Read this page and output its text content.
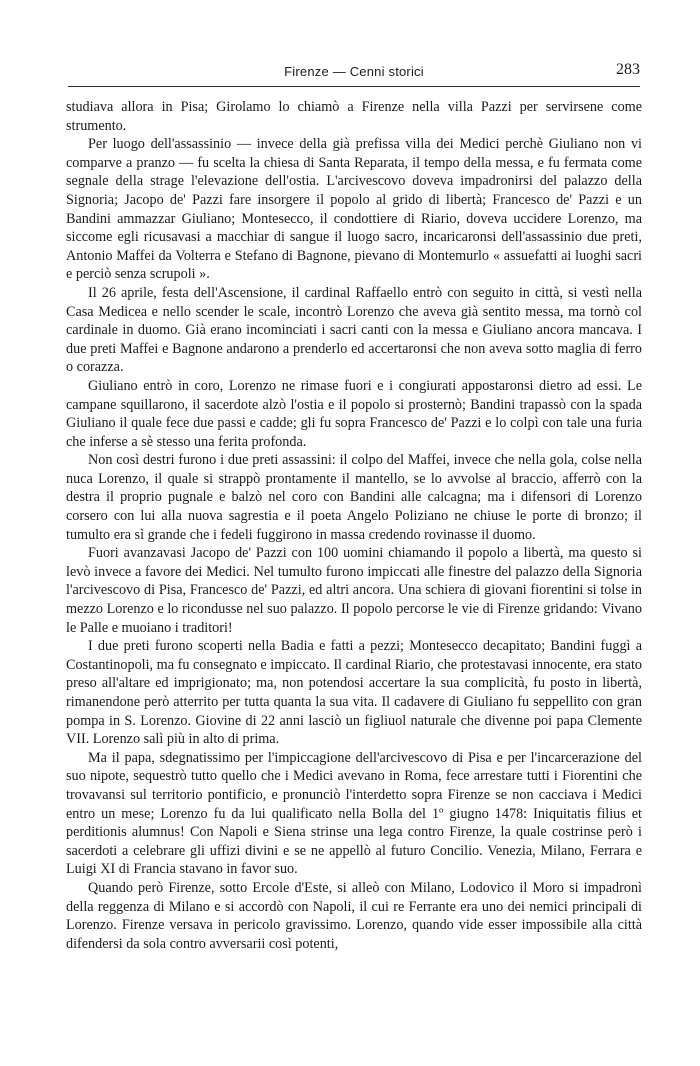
Firenze — Cenni storici	283

studiava allora in Pisa; Girolamo lo chiamò a Firenze nella villa Pazzi per servirsene come strumento.

Per luogo dell'assassinio — invece della già prefissa villa dei Medici perchè Giuliano non vi comparve a pranzo — fu scelta la chiesa di Santa Reparata, il tempo della messa, e fu fermata come segnale della strage l'elevazione dell'ostia. L'arcivescovo doveva impadronirsi del palazzo della Signoria; Jacopo de' Pazzi fare insorgere il popolo al grido di libertà; Francesco de' Pazzi e un Bandini ammazzar Giuliano; Montesecco, il condottiere di Riario, doveva uccidere Lorenzo, ma siccome egli ricusavasi a macchiar di sangue il luogo sacro, incaricaronsi dell'assassinio due preti, Antonio Maffei da Volterra e Stefano di Bagnone, pievano di Montemurlo « assuefatti ai luoghi sacri e perciò senza scrupoli ».

Il 26 aprile, festa dell'Ascensione, il cardinal Raffaello entrò con seguito in città, si vestì nella Casa Medicea e nello scender le scale, incontrò Lorenzo che aveva già sentito messa, ma tornò col cardinale in duomo. Già erano incominciati i sacri canti con la messa e Giuliano ancora mancava. I due preti Maffei e Bagnone andarono a prenderlo ed accertaronsi che non aveva sotto maglia di ferro o corazza.

Giuliano entrò in coro, Lorenzo ne rimase fuori e i congiurati appostaronsi dietro ad essi. Le campane squillarono, il sacerdote alzò l'ostia e il popolo si prosternò; Bandini trapassò con la spada Giuliano il quale fece due passi e cadde; gli fu sopra Francesco de' Pazzi e lo colpì con tale una furia che inferse a sè stesso una ferita profonda.

Non così destri furono i due preti assassini: il colpo del Maffei, invece che nella gola, colse nella nuca Lorenzo, il quale si strappò prontamente il mantello, se lo avvolse al braccio, afferrò con la destra il proprio pugnale e balzò nel coro con Bandini alle calcagna; ma i difensori di Lorenzo corsero con lui alla nuova sagrestia e il poeta Angelo Poliziano ne chiuse le porte di bronzo; il tumulto era sì grande che i fedeli fuggirono in massa credendo rovinasse il duomo.

Fuori avanzavasi Jacopo de' Pazzi con 100 uomini chiamando il popolo a libertà, ma questo si levò invece a favore dei Medici. Nel tumulto furono impiccati alle finestre del palazzo della Signoria l'arcivescovo di Pisa, Francesco de' Pazzi, ed altri ancora. Una schiera di giovani fiorentini si tolse in mezzo Lorenzo e lo ricondusse nel suo palazzo. Il popolo percorse le vie di Firenze gridando: Vivano le Palle e muoiano i traditori!

I due preti furono scoperti nella Badia e fatti a pezzi; Montesecco decapitato; Bandini fuggì a Costantinopoli, ma fu consegnato e impiccato. Il cardinal Riario, che protestavasi innocente, era stato preso all'altare ed imprigionato; ma, non potendosi accertare la sua complicità, fu posto in libertà, rimanendone però atterrito per tutta quanta la sua vita. Il cadavere di Giuliano fu seppellito con gran pompa in S. Lorenzo. Giovine di 22 anni lasciò un figliuol naturale che divenne poi papa Clemente VII. Lorenzo salì più in alto di prima.

Ma il papa, sdegnatissimo per l'impiccagione dell'arcivescovo di Pisa e per l'incarcerazione del suo nipote, sequestrò tutto quello che i Medici avevano in Roma, fece arrestare tutti i Fiorentini che trovavansi sul territorio pontificio, e pronunciò l'interdetto sopra Firenze se non cacciava i Medici entro un mese; Lorenzo fu da lui qualificato nella Bolla del 1º giugno 1478: Iniquitatis filius et perditionis alumnus! Con Napoli e Siena strinse una lega contro Firenze, la quale costrinse però i sacerdoti a celebrare gli uffizi divini e se ne appellò al futuro Concilio. Venezia, Milano, Ferrara e Luigi XI di Francia stavano in favor suo.

Quando però Firenze, sotto Ercole d'Este, si alleò con Milano, Lodovico il Moro si impadronì della reggenza di Milano e si accordò con Napoli, il cui re Ferrante era uno dei nemici principali di Lorenzo. Firenze versava in pericolo gravissimo. Lorenzo, quando vide esser impossibile alla città difendersi da sola contro avversarii così potenti,
